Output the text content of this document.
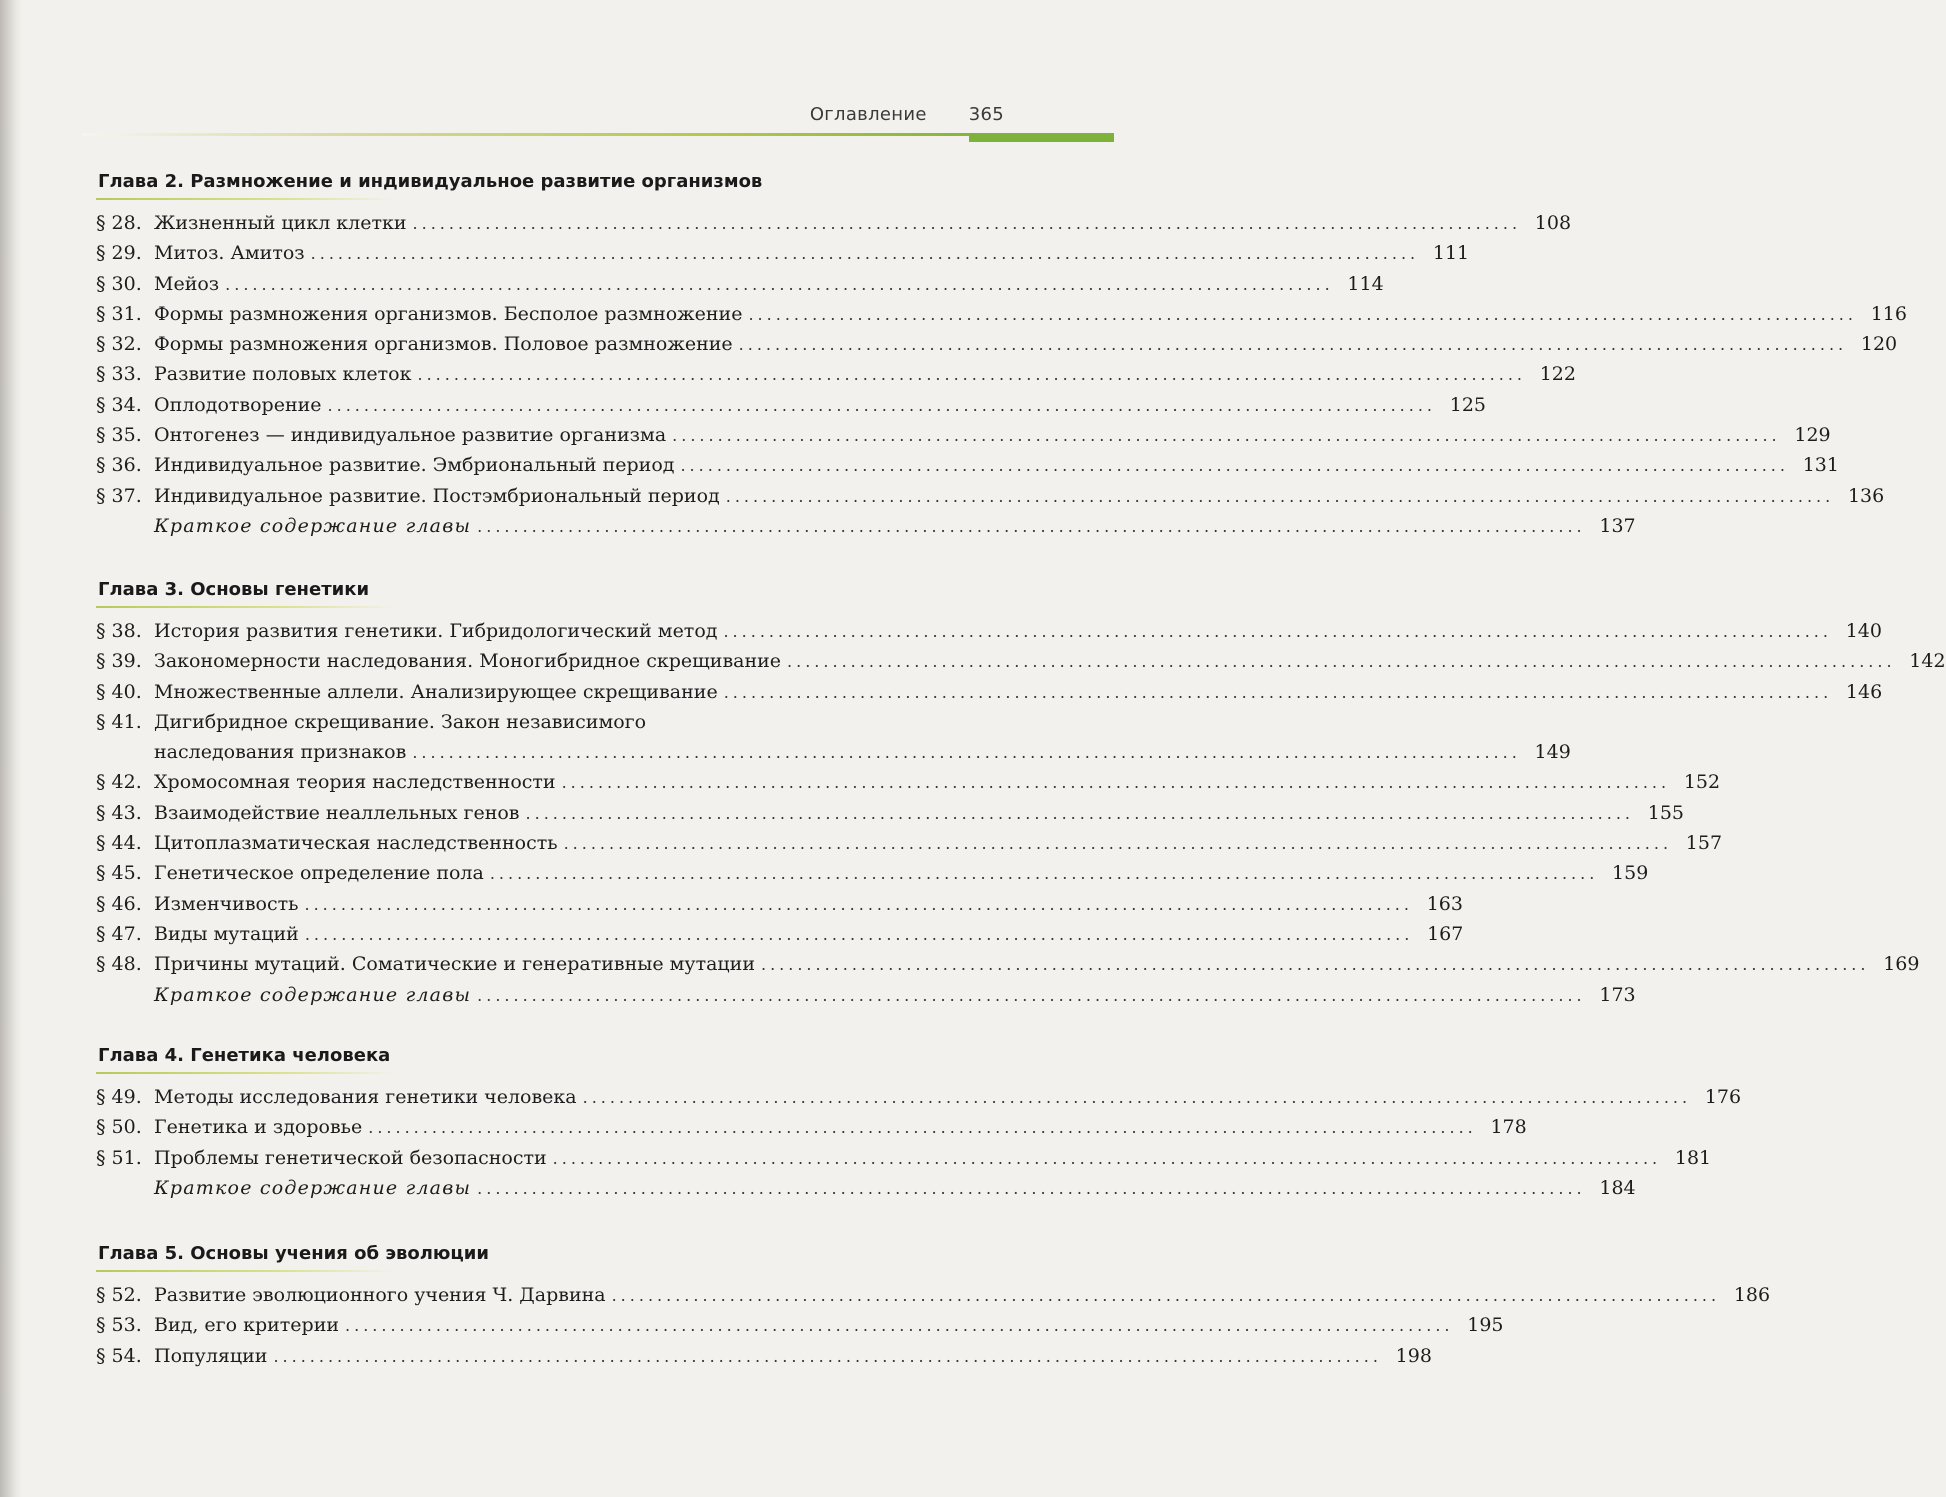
Оглавление 365
Глава 2. Размножение и индивидуальное развитие организмов
§ 28. Жизненный цикл клетки .......................................................................................................................... 108
§ 29. Митоз. Амитоз .......................................................................................................................... 111
§ 30. Мейоз .......................................................................................................................... 114
§ 31. Формы размножения организмов. Бесполое размножение .......................................................................................................................... 116
§ 32. Формы размножения организмов. Половое размножение .......................................................................................................................... 120
§ 33. Развитие половых клеток .......................................................................................................................... 122
§ 34. Оплодотворение .......................................................................................................................... 125
§ 35. Онтогенез — индивидуальное развитие организма .......................................................................................................................... 129
§ 36. Индивидуальное развитие. Эмбриональный период .......................................................................................................................... 131
§ 37. Индивидуальное развитие. Постэмбриональный период .......................................................................................................................... 136
Краткое содержание главы .......................................................................................................................... 137
Глава 3. Основы генетики
§ 38. История развития генетики. Гибридологический метод .......................................................................................................................... 140
§ 39. Закономерности наследования. Моногибридное скрещивание .......................................................................................................................... 142
§ 40. Множественные аллели. Анализирующее скрещивание .......................................................................................................................... 146
§ 41. Дигибридное скрещивание. Закон независимого
наследования признаков .......................................................................................................................... 149
§ 42. Хромосомная теория наследственности .......................................................................................................................... 152
§ 43. Взаимодействие неаллельных генов .......................................................................................................................... 155
§ 44. Цитоплазматическая наследственность .......................................................................................................................... 157
§ 45. Генетическое определение пола .......................................................................................................................... 159
§ 46. Изменчивость .......................................................................................................................... 163
§ 47. Виды мутаций .......................................................................................................................... 167
§ 48. Причины мутаций. Соматические и генеративные мутации .......................................................................................................................... 169
Краткое содержание главы .......................................................................................................................... 173
Глава 4. Генетика человека
§ 49. Методы исследования генетики человека .......................................................................................................................... 176
§ 50. Генетика и здоровье .......................................................................................................................... 178
§ 51. Проблемы генетической безопасности .......................................................................................................................... 181
Краткое содержание главы .......................................................................................................................... 184
Глава 5. Основы учения об эволюции
§ 52. Развитие эволюционного учения Ч. Дарвина .......................................................................................................................... 186
§ 53. Вид, его критерии .......................................................................................................................... 195
§ 54. Популяции .......................................................................................................................... 198
